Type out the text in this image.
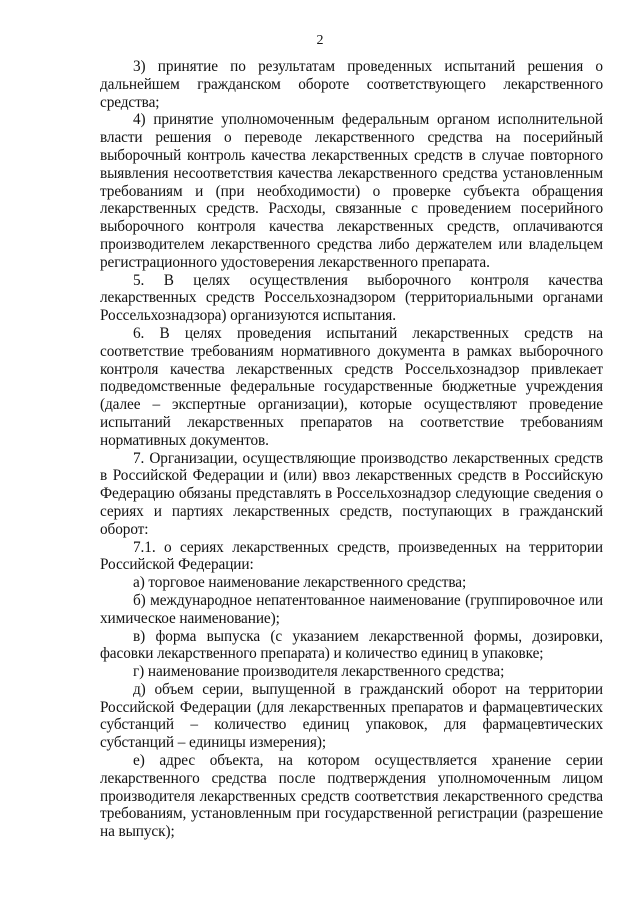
2

3) принятие по результатам проведенных испытаний решения о дальнейшем гражданском обороте соответствующего лекарственного средства;

4) принятие уполномоченным федеральным органом исполнительной власти решения о переводе лекарственного средства на посерийный выборочный контроль качества лекарственных средств в случае повторного выявления несоответствия качества лекарственного средства установленным требованиям и (при необходимости) о проверке субъекта обращения лекарственных средств. Расходы, связанные с проведением посерийного выборочного контроля качества лекарственных средств, оплачиваются производителем лекарственного средства либо держателем или владельцем регистрационного удостоверения лекарственного препарата.

5. В целях осуществления выборочного контроля качества лекарственных средств Россельхознадзором (территориальными органами Россельхознадзора) организуются испытания.

6. В целях проведения испытаний лекарственных средств на соответствие требованиям нормативного документа в рамках выборочного контроля качества лекарственных средств Россельхознадзор привлекает подведомственные федеральные государственные бюджетные учреждения (далее – экспертные организации), которые осуществляют проведение испытаний лекарственных препаратов на соответствие требованиям нормативных документов.

7. Организации, осуществляющие производство лекарственных средств в Российской Федерации и (или) ввоз лекарственных средств в Российскую Федерацию обязаны представлять в Россельхознадзор следующие сведения о сериях и партиях лекарственных средств, поступающих в гражданский оборот:

7.1. о сериях лекарственных средств, произведенных на территории Российской Федерации:

а) торговое наименование лекарственного средства;

б) международное непатентованное наименование (группировочное или химическое наименование);

в) форма выпуска (с указанием лекарственной формы, дозировки, фасовки лекарственного препарата) и количество единиц в упаковке;

г) наименование производителя лекарственного средства;

д) объем серии, выпущенной в гражданский оборот на территории Российской Федерации (для лекарственных препаратов и фармацевтических субстанций – количество единиц упаковок, для фармацевтических субстанций – единицы измерения);

е) адрес объекта, на котором осуществляется хранение серии лекарственного средства после подтверждения уполномоченным лицом производителя лекарственных средств соответствия лекарственного средства требованиям, установленным при государственной регистрации (разрешение на выпуск);
